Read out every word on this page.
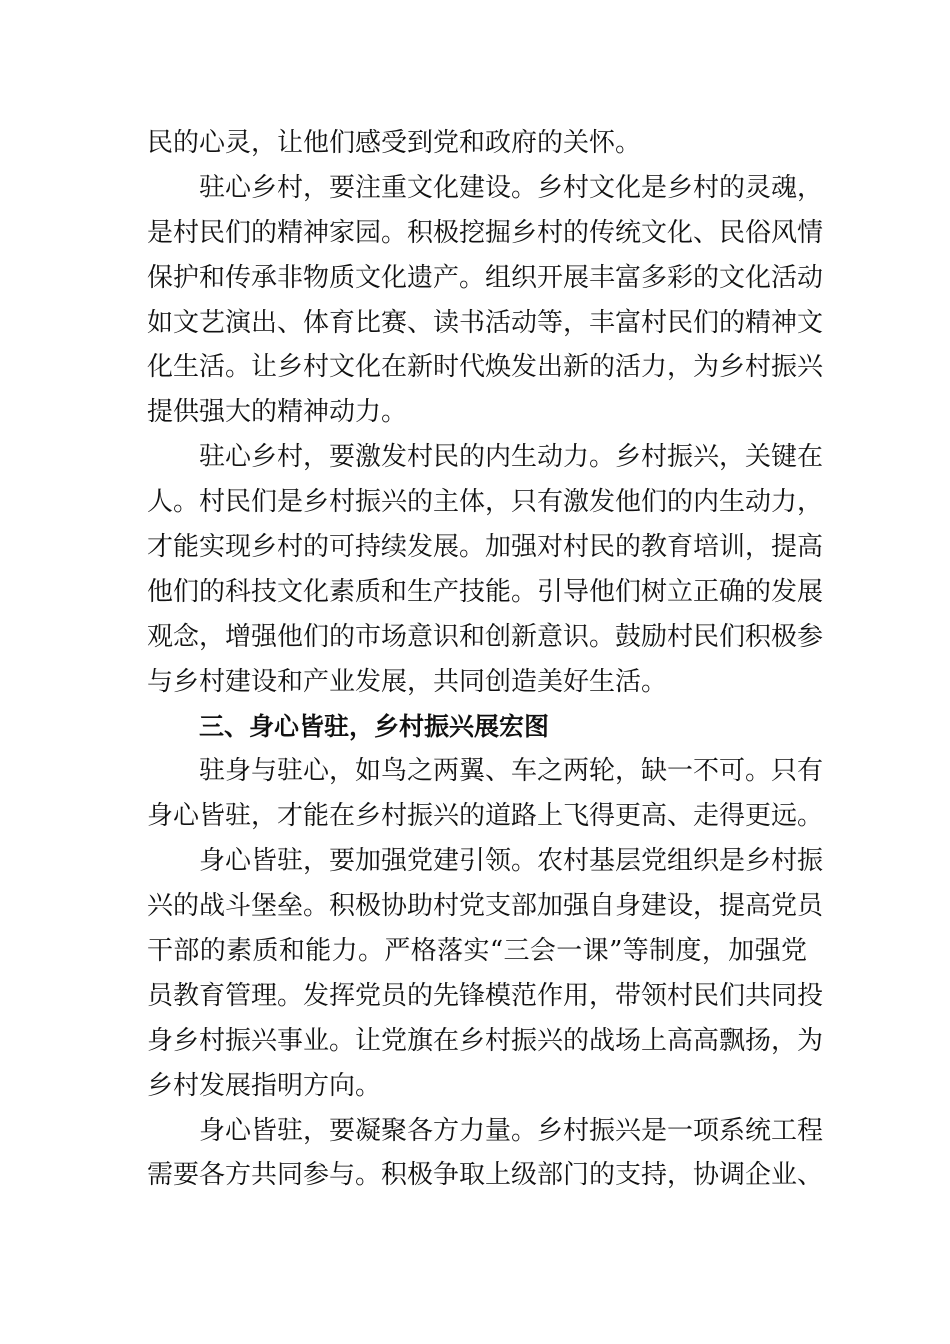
民的心灵，让他们感受到党和政府的关怀。
驻心乡村，要注重文化建设。乡村文化是乡村的灵魂，
是村民们的精神家园。积极挖掘乡村的传统文化、民俗风情
保护和传承非物质文化遗产。组织开展丰富多彩的文化活动
如文艺演出、体育比赛、读书活动等，丰富村民们的精神文
化生活。让乡村文化在新时代焕发出新的活力，为乡村振兴
提供强大的精神动力。
驻心乡村，要激发村民的内生动力。乡村振兴，关键在
人。村民们是乡村振兴的主体，只有激发他们的内生动力，
才能实现乡村的可持续发展。加强对村民的教育培训，提高
他们的科技文化素质和生产技能。引导他们树立正确的发展
观念，增强他们的市场意识和创新意识。鼓励村民们积极参
与乡村建设和产业发展，共同创造美好生活。
三、身心皆驻，乡村振兴展宏图
驻身与驻心，如鸟之两翼、车之两轮，缺一不可。只有
身心皆驻，才能在乡村振兴的道路上飞得更高、走得更远。
身心皆驻，要加强党建引领。农村基层党组织是乡村振
兴的战斗堡垒。积极协助村党支部加强自身建设，提高党员
干部的素质和能力。严格落实“三会一课”等制度，加强党
员教育管理。发挥党员的先锋模范作用，带领村民们共同投
身乡村振兴事业。让党旗在乡村振兴的战场上高高飘扬，为
乡村发展指明方向。
身心皆驻，要凝聚各方力量。乡村振兴是一项系统工程
需要各方共同参与。积极争取上级部门的支持，协调企业、
